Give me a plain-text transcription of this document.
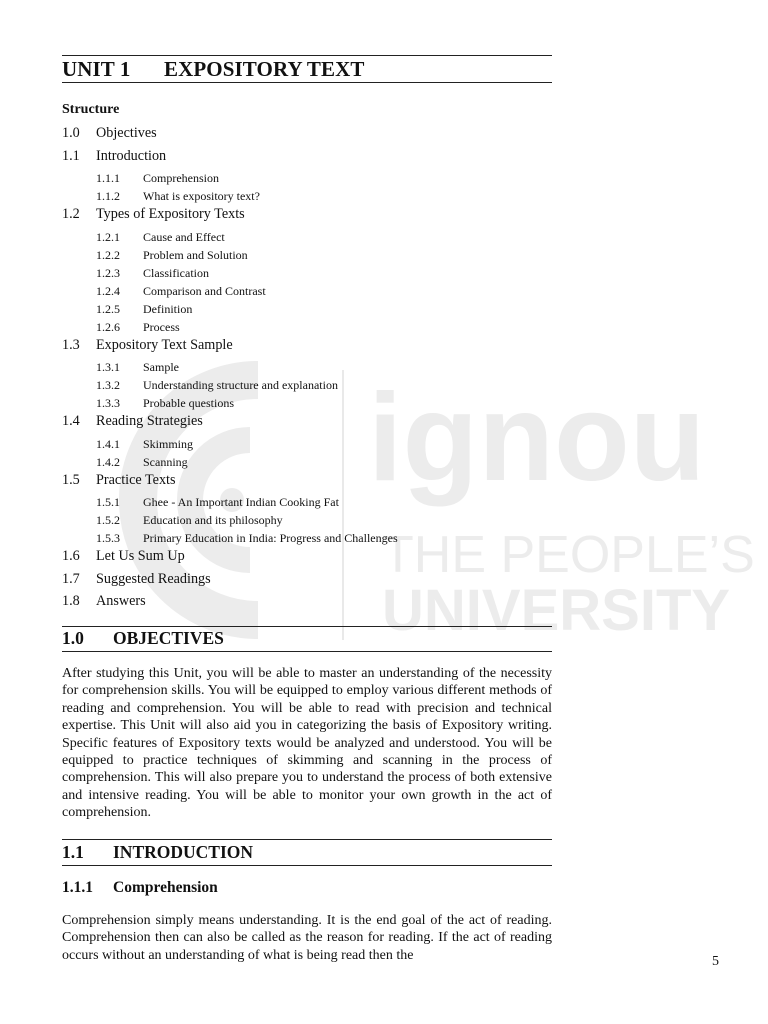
ignou
THE PEOPLE’S
UNIVERSITY
UNIT 1 EXPOSITORY TEXT
Structure
1.0	Objectives
1.1	Introduction
1.1.1	Comprehension
1.1.2	What is expository text?
1.2	Types of Expository Texts
1.2.1	Cause and Effect
1.2.2	Problem and Solution
1.2.3	Classification
1.2.4	Comparison and Contrast
1.2.5	Definition
1.2.6	Process
1.3	Expository Text Sample
1.3.1	Sample
1.3.2	Understanding structure and explanation
1.3.3	Probable questions
1.4	Reading Strategies
1.4.1	Skimming
1.4.2	Scanning
1.5	Practice Texts
1.5.1	Ghee - An Important Indian Cooking Fat
1.5.2	Education and its philosophy
1.5.3	Primary Education in India: Progress and Challenges
1.6	Let Us Sum Up
1.7	Suggested Readings
1.8	Answers
1.0 OBJECTIVES

After studying this Unit, you will be able to master an understanding of the necessity for comprehension skills. You will be equipped to employ various different methods of reading and comprehension. You will be able to read with precision and technical expertise. This Unit will also aid you in categorizing the basis of Expository writing. Specific features of Expository texts would be analyzed and understood. You will be equipped to practice techniques of skimming and scanning in the process of comprehension. This will also prepare you to understand the process of both extensive and intensive reading. You will be able to monitor your own growth in the act of comprehension.

1.1 INTRODUCTION
1.1.1 Comprehension

Comprehension simply means understanding. It is the end goal of the act of reading. Comprehension then can also be called as the reason for reading. If the act of reading occurs without an understanding of what is being read then the	5
